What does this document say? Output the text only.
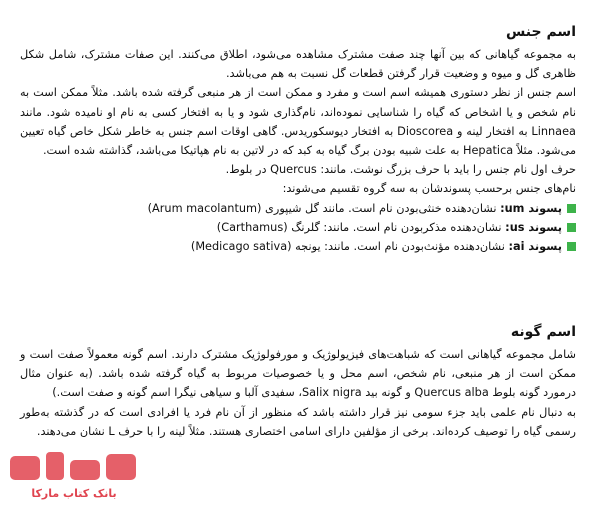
اسم جنس

به مجموعه گیاهانی که بین آنها چند صفت مشترک مشاهده می‌شود، اطلاق می‌کنند. این صفات مشترک، شامل شکل ظاهری گل و میوه و وضعیت قرار گرفتن قطعات گل نسبت به هم می‌باشد.

اسم جنس از نظر دستوری همیشه اسم است و مفرد و ممکن است از هر منبعی گرفته شده باشد. مثلاً ممکن است به نام شخص و یا اشخاص که گیاه را شناسایی نموده‌اند، نام‌گذاری شود و یا به افتخار کسی به نام او نامیده شود. مانند Linnaea به افتخار لینه و Dioscorea به افتخار دیوسکوریدس. گاهی اوقات اسم جنس به خاطر شکل خاص گیاه تعیین می‌شود. مثلاً Hepatica به علت شبیه بودن برگ گیاه به کبد که در لاتین به نام هپاتیکا می‌باشد، گذاشته شده است.

حرف اول نام جنس را باید با حرف بزرگ نوشت. مانند: Quercus در بلوط.

نام‌های جنس برحسب پسوندشان به سه گروه تقسیم می‌شوند:

پسوند um: نشان‌دهنده خنثی‌بودن نام است. مانند گل شیپوری (Arum macolantum)
پسوند us: نشان‌دهنده مذکربودن نام است. مانند: گلرنگ (Carthamus)
پسوند ai: نشان‌دهنده مؤنث‌بودن نام است. مانند: یونجه (Medicago sativa)
اسم گونه

شامل مجموعه گیاهانی است که شباهت‌های فیزیولوژیک و مورفولوژیک مشترک دارند. اسم گونه معمولاً صفت است و ممکن است از هر منبعی، نام شخص، اسم محل و یا خصوصیات مربوط به گیاه گرفته شده باشد. (به عنوان مثال درمورد گونه بلوط Quercus alba و گونه بید Salix nigra، سفیدی آلبا و سیاهی نیگرا اسم گونه و صفت است.)

به دنبال نام علمی باید جزء سومی نیز قرار داشته باشد که منظور از آن نام فرد یا افرادی است که در گذشته به‌طور رسمی گیاه را توصیف کرده‌اند. برخی از مؤلفین دارای اسامی اختصاری هستند. مثلاً لینه را با حرف L نشان می‌دهند.

بانک کتاب مارکا
